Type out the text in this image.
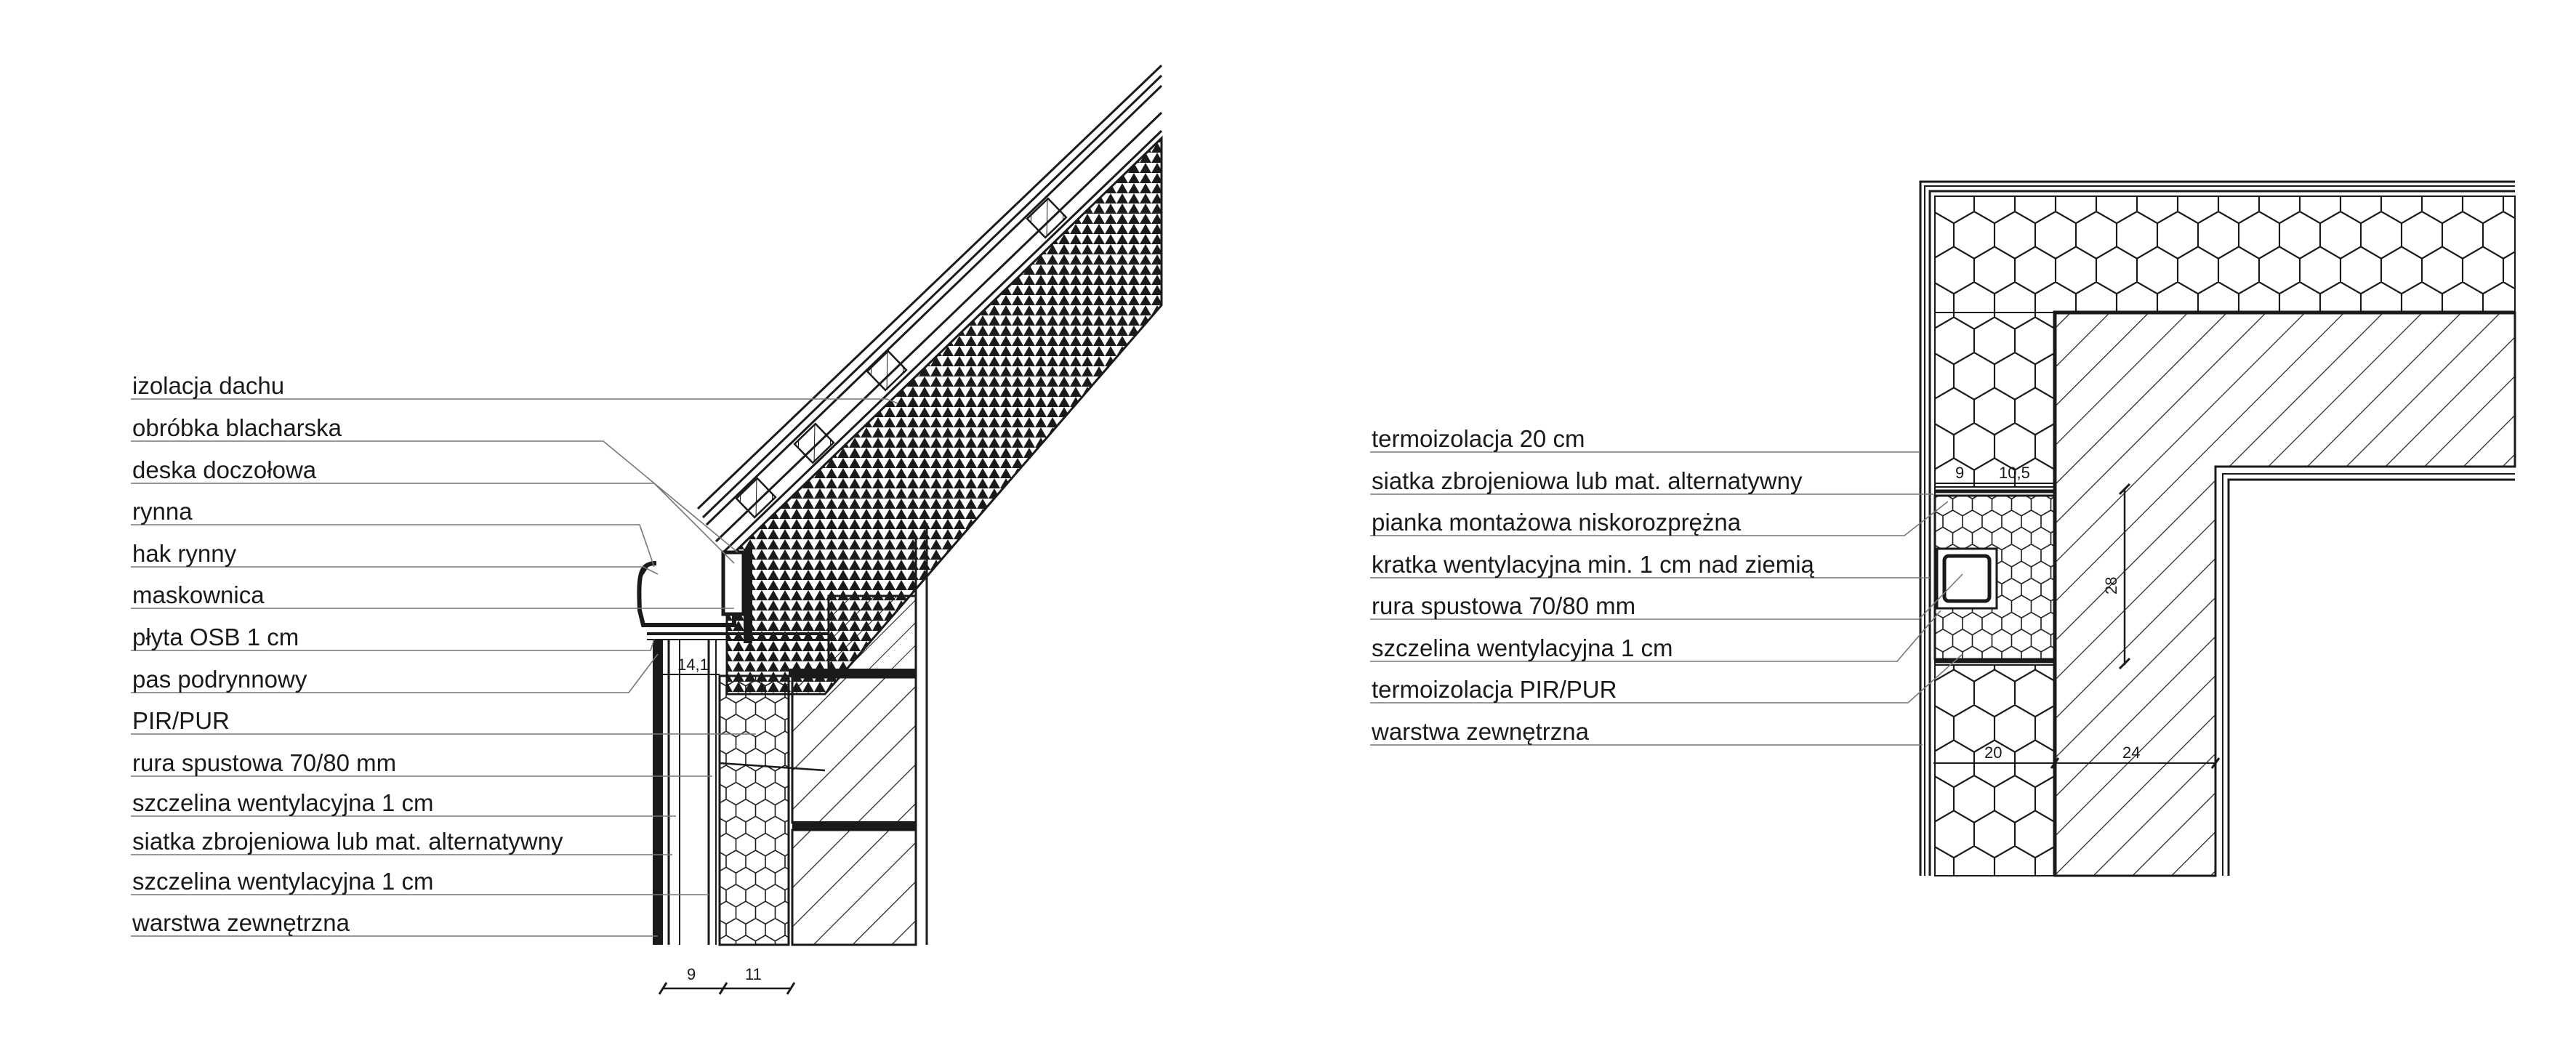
14,1
9	11
izolacja dachu
obróbka blacharska
deska doczołowa
rynna
hak rynny
maskownica
płyta OSB 1 cm
pas podrynnowy
PIR/PUR
rura spustowa 70/80 mm
szczelina wentylacyjna 1 cm
siatka zbrojeniowa lub mat. alternatywny
szczelina wentylacyjna 1 cm
warstwa zewnętrzna
9 10,5
28
20	24
termoizolacja 20 cm
siatka zbrojeniowa lub mat. alternatywny
pianka montażowa niskorozprężna
kratka wentylacyjna min. 1 cm nad ziemią
rura spustowa 70/80 mm
szczelina wentylacyjna 1 cm
termoizolacja PIR/PUR
warstwa zewnętrzna
